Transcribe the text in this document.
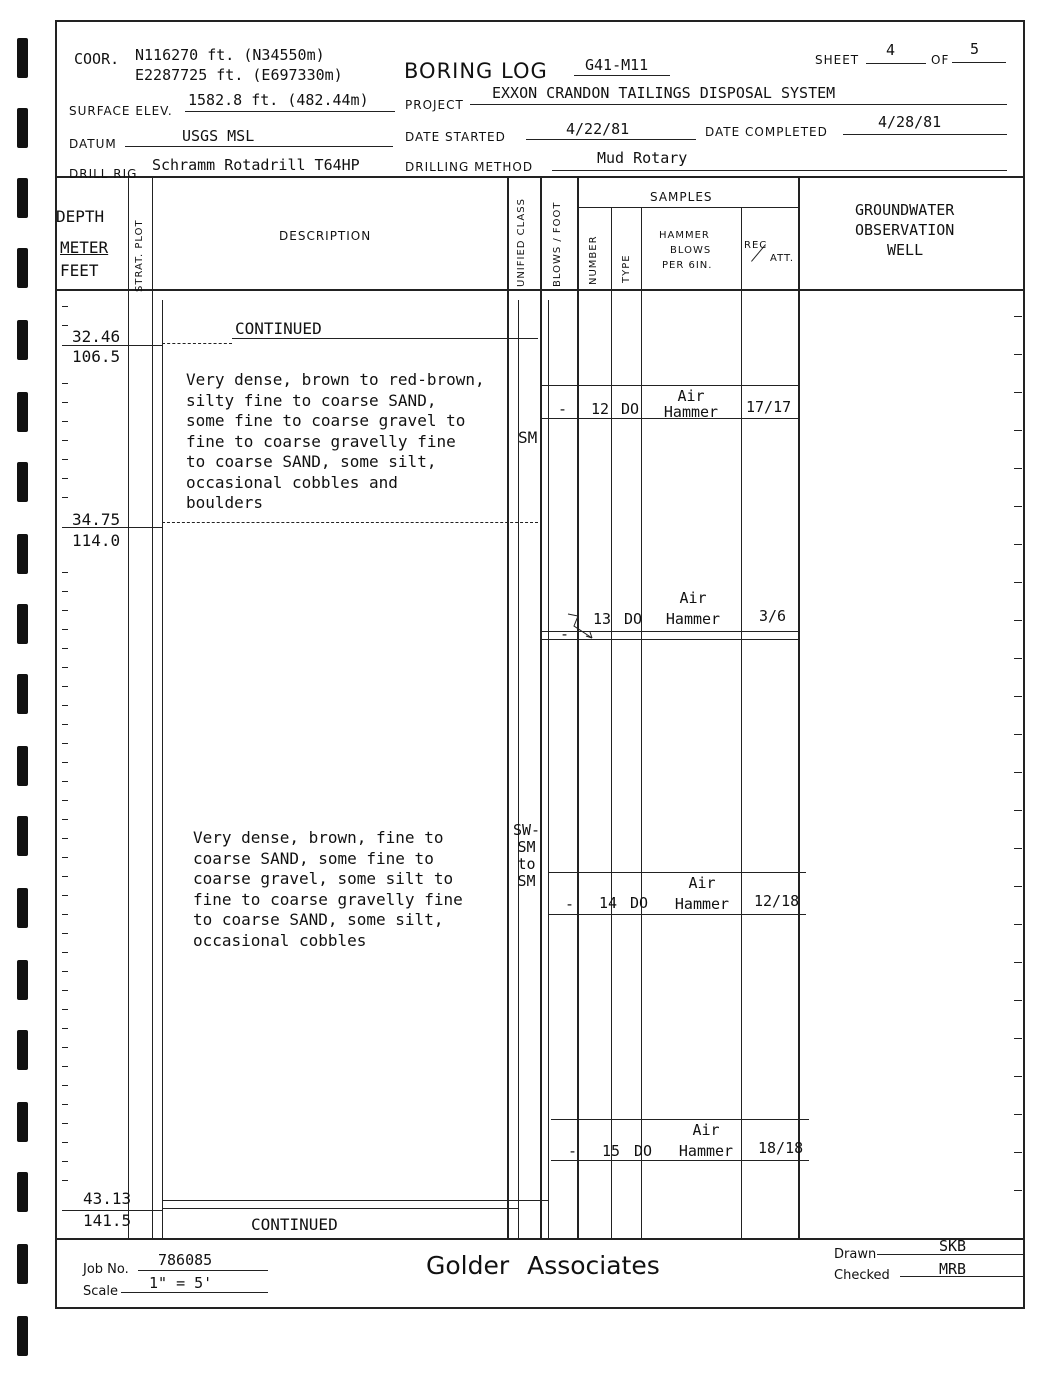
COOR. N116270 ft. (N34550m)
E2287725 ft. (E697330m)	BORING LOG G41-M11	SHEET
4
OF
5
SURFACE ELEV.
1582.8 ft. (482.44m)	PROJECT
EXXON CRANDON TAILINGS DISPOSAL SYSTEM
DATUM	USGS MSL	DATE STARTED	4/22/81	DATE COMPLETED
4/28/81
DRILL RIG Schramm Rotadrill T64HP	DRILLING METHOD	Mud Rotary
DEPTH
METER
FEET	STRAT. PLOT	DESCRIPTION	UNIFIED CLASS	BLOWS / FOOT
SAMPLES
NUMBER TYPE
HAMMER
BLOWS
PER 6IN.
REC
ATT.
GROUNDWATER
OBSERVATION
WELL
32.46
106.5
34.75
114.0
43.13
141.5
CONTINUED
CONTINUED
Very dense, brown to red-brown,
silty fine to coarse SAND,
some fine to coarse gravel to
fine to coarse gravelly fine
to coarse SAND, some silt,
occasional cobbles and
boulders
SM
Very dense, brown, fine to
coarse SAND, some fine to
coarse gravel, some silt to
fine to coarse gravelly fine
to coarse SAND, some silt,
occasional cobbles
SW-
SM
to
SM
- 12 DO
Air
Hammer	17/17
-
13 DO
Air
Hammer	3/6
- 14 DO
Air
Hammer	12/18
- 15 DO
Air
Hammer	18/18
Job No.
786085
Scale 1" = 5'
Golder Associates	Drawn	SKB
Checked	MRB
